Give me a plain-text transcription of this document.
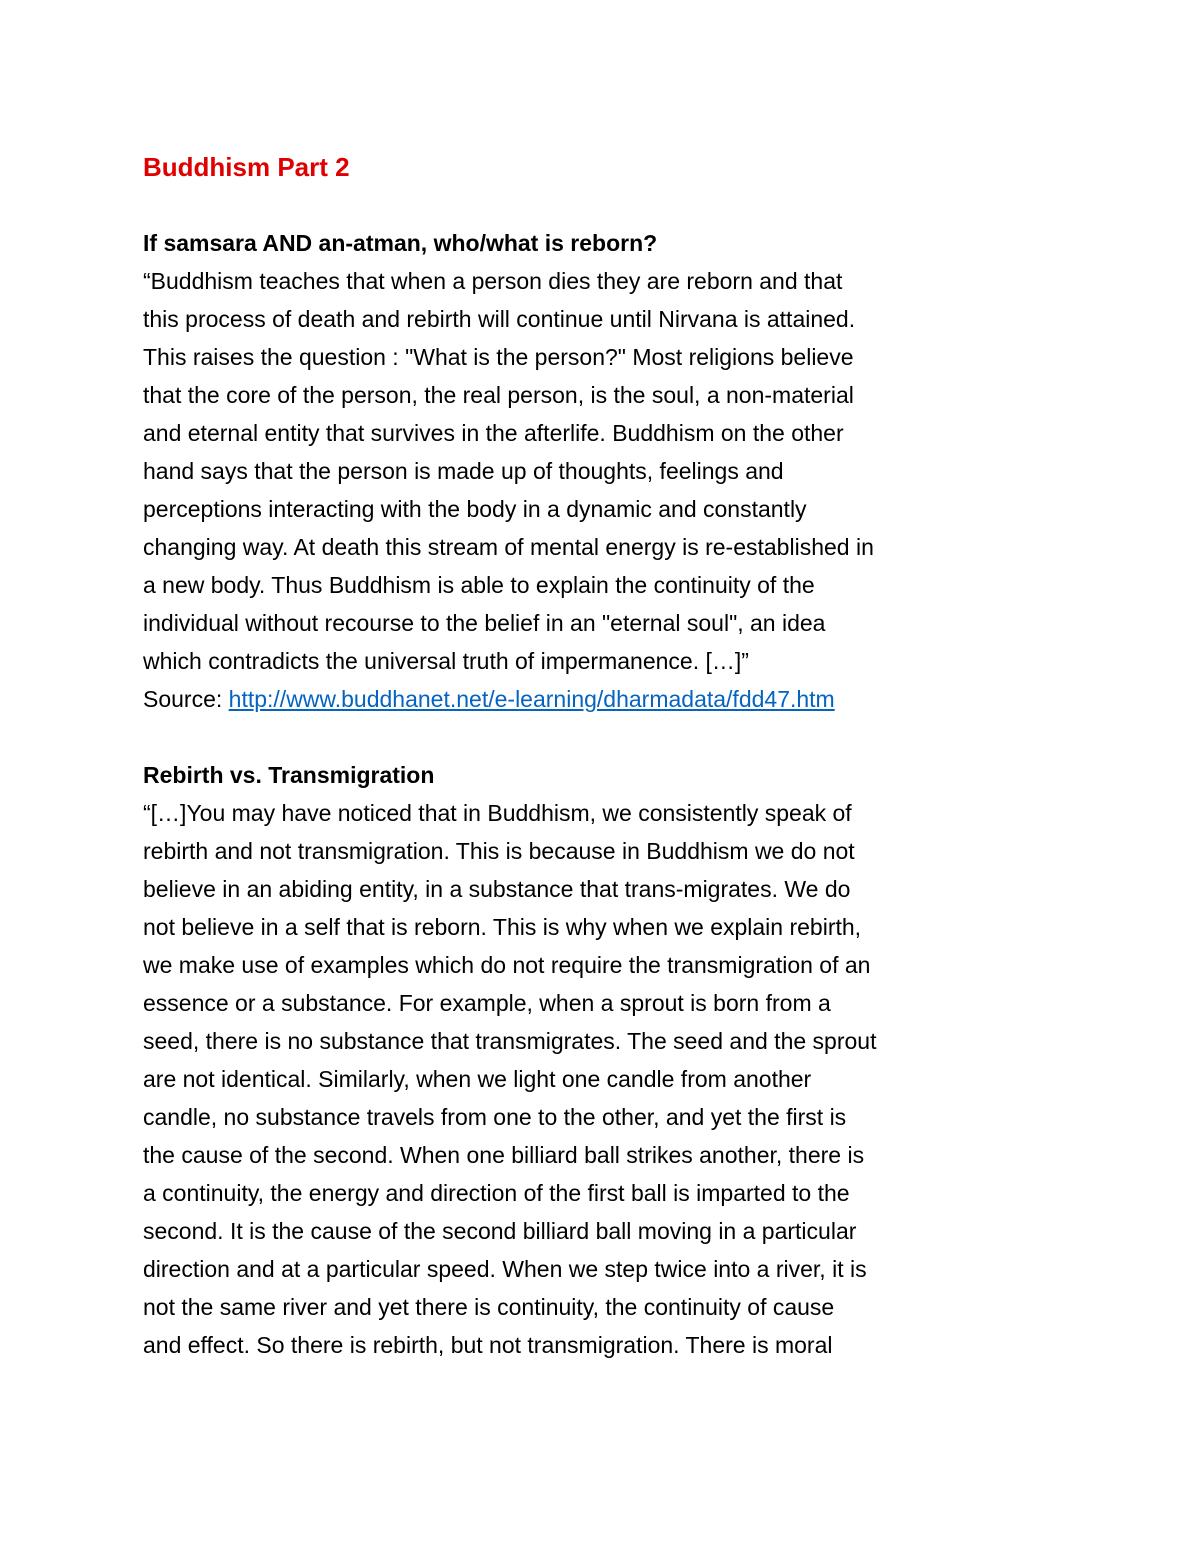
Buddhism Part 2
If samsara AND an-atman, who/what is reborn?
“Buddhism teaches that when a person dies they are reborn and that
this process of death and rebirth will continue until Nirvana is attained.
This raises the question : "What is the person?" Most religions believe
that the core of the person, the real person, is the soul, a non-material
and eternal entity that survives in the afterlife. Buddhism on the other
hand says that the person is made up of thoughts, feelings and
perceptions interacting with the body in a dynamic and constantly
changing way. At death this stream of mental energy is re-established in
a new body. Thus Buddhism is able to explain the continuity of the
individual without recourse to the belief in an "eternal soul", an idea
which contradicts the universal truth of impermanence. […]”
Source: http://www.buddhanet.net/e-learning/dharmadata/fdd47.htm
Rebirth vs. Transmigration
“[…]You may have noticed that in Buddhism, we consistently speak of
rebirth and not transmigration. This is because in Buddhism we do not
believe in an abiding entity, in a substance that trans-migrates. We do
not believe in a self that is reborn. This is why when we explain rebirth,
we make use of examples which do not require the transmigration of an
essence or a substance. For example, when a sprout is born from a
seed, there is no substance that transmigrates. The seed and the sprout
are not identical. Similarly, when we light one candle from another
candle, no substance travels from one to the other, and yet the first is
the cause of the second. When one billiard ball strikes another, there is
a continuity, the energy and direction of the first ball is imparted to the
second. It is the cause of the second billiard ball moving in a particular
direction and at a particular speed. When we step twice into a river, it is
not the same river and yet there is continuity, the continuity of cause
and effect. So there is rebirth, but not transmigration. There is moral
